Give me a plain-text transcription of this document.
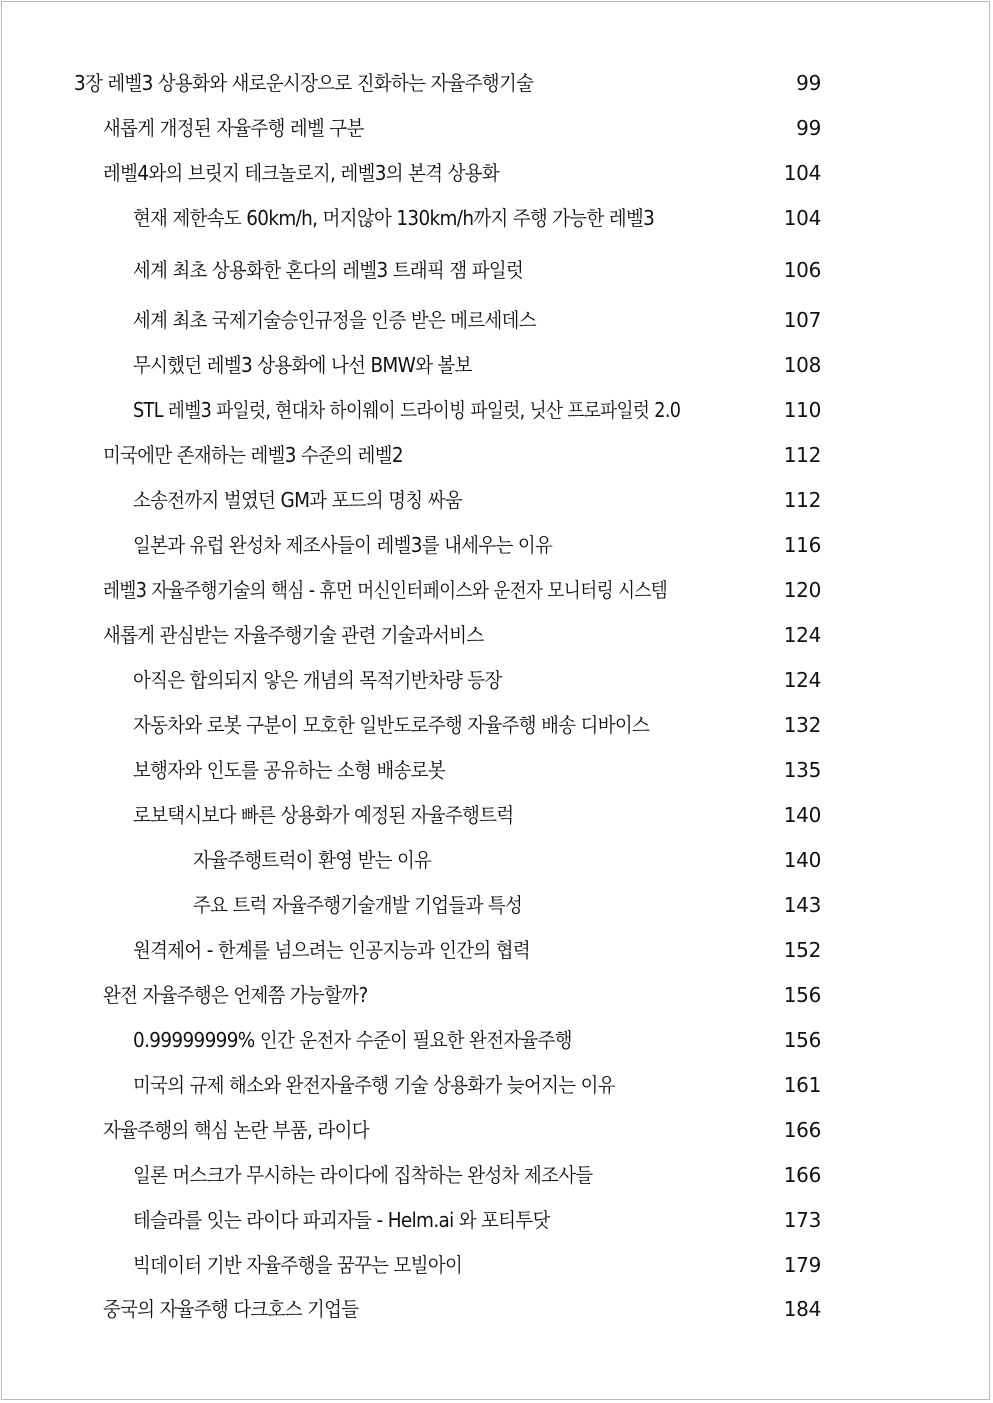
3장 레벨3 상용화와 새로운시장으로 진화하는 자율주행기술	99
새롭게 개정된 자율주행 레벨 구분	99
레벨4와의 브릿지 테크놀로지, 레벨3의 본격 상용화	104
현재 제한속도 60km/h, 머지않아 130km/h까지 주행 가능한 레벨3	104
세계 최초 상용화한 혼다의 레벨3 트래픽 잼 파일럿	106
세계 최초 국제기술승인규정을 인증 받은 메르세데스	107
무시했던 레벨3 상용화에 나선 BMW와 볼보	108
STL 레벨3 파일럿, 현대차 하이웨이 드라이빙 파일럿, 닛산 프로파일럿 2.0	110
미국에만 존재하는 레벨3 수준의 레벨2	112
소송전까지 벌였던 GM과 포드의 명칭 싸움	112
일본과 유럽 완성차 제조사들이 레벨3를 내세우는 이유	116
레벨3 자율주행기술의 핵심 - 휴먼 머신인터페이스와 운전자 모니터링 시스템	120
새롭게 관심받는 자율주행기술 관련 기술과서비스	124
아직은 합의되지 앟은 개념의 목적기반차량 등장	124
자동차와 로봇 구분이 모호한 일반도로주행 자율주행 배송 디바이스	132
보행자와 인도를 공유하는 소형 배송로봇	135
로보택시보다 빠른 상용화가 예정된 자율주행트럭	140
자율주행트럭이 환영 받는 이유	140
주요 트럭 자율주행기술개발 기업들과 특성	143
원격제어 - 한계를 넘으려는 인공지능과 인간의 협력	152
완전 자율주행은 언제쯤 가능할까?	156
0.99999999% 인간 운전자 수준이 필요한 완전자율주행	156
미국의 규제 해소와 완전자율주행 기술 상용화가 늦어지는 이유	161
자율주행의 핵심 논란 부품, 라이다	166
일론 머스크가 무시하는 라이다에 집착하는 완성차 제조사들	166
테슬라를 잇는 라이다 파괴자들 - Helm.ai 와 포티투닷	173
빅데이터 기반 자율주행을 꿈꾸는 모빌아이	179
중국의 자율주행 다크호스 기업들	184
